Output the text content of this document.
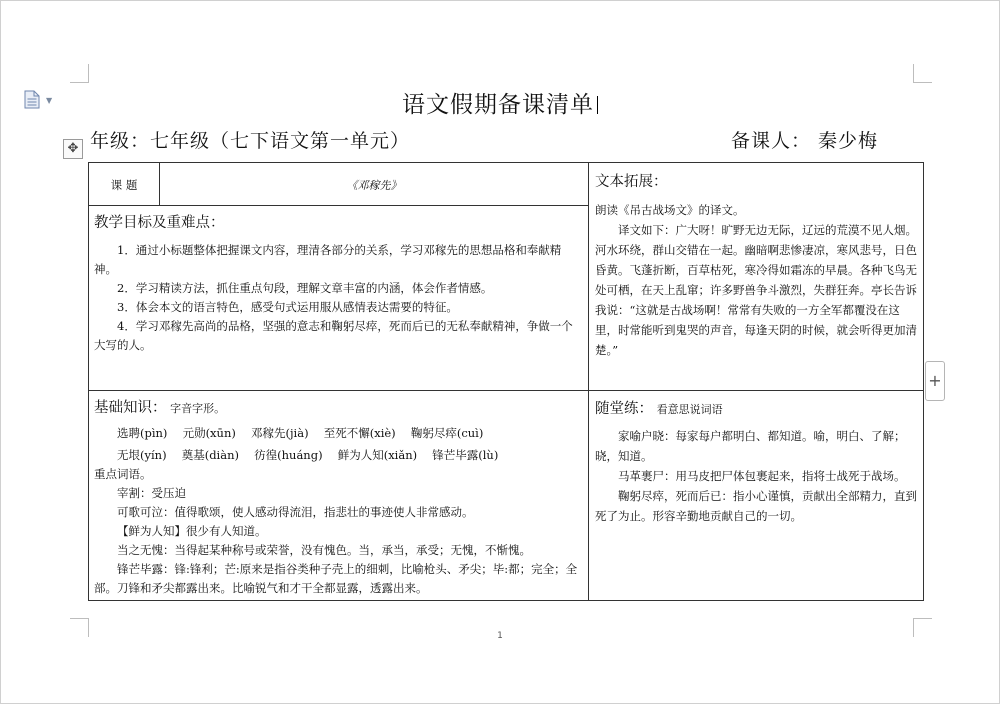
▼	语文假期备课清单
年级：七年级（七下语文第一单元）	备课人： 秦少梅
✥
+
课 题	《邓稼先》
教学目标及重难点：

1．通过小标题整体把握课文内容，理清各部分的关系，学习邓稼先的思想品格和奉献精神。

2．学习精读方法，抓住重点句段，理解文章丰富的内涵，体会作者情感。

3．体会本文的语言特色，感受句式运用服从感情表达需要的特征。

4．学习邓稼先高尚的品格，坚强的意志和鞠躬尽瘁，死而后已的无私奉献精神，争做一个大写的人。

文本拓展：

朗读《吊古战场文》的译文。

译文如下：广大呀！旷野无边无际，辽远的荒漠不见人烟。河水环绕，群山交错在一起。幽暗啊悲惨凄凉，寒风悲号，日色昏黄。飞蓬折断，百草枯死，寒冷得如霜冻的早晨。各种飞鸟无处可栖，在天上乱窜；许多野兽争斗激烈，失群狂奔。亭长告诉我说：“这就是古战场啊！常常有失败的一方全军都覆没在这里，时常能听到鬼哭的声音，每逢天阴的时候，就会听得更加清楚。”

基础知识： 字音字形。

选聘(pìn)　 元勋(xūn)　 邓稼先(jià)　 至死不懈(xiè)　 鞠躬尽瘁(cuì)

无垠(yín)　 奠基(diàn)　 彷徨(huáng)　 鲜为人知(xiǎn)　 锋芒毕露(lù)

重点词语。

宰割：受压迫

可歌可泣：值得歌颂，使人感动得流泪，指悲壮的事迹使人非常感动。

【鲜为人知】很少有人知道。

当之无愧：当得起某种称号或荣誉，没有愧色。当，承当，承受；无愧，不惭愧。

锋芒毕露：锋:锋利；芒:原来是指谷类种子壳上的细刺，比喻枪头、矛尖；毕:都；完全；全部。刀锋和矛尖都露出来。比喻锐气和才干全都显露，透露出来。

随堂练： 看意思说词语

家喻户晓：每家每户都明白、都知道。喻，明白、了解；晓，知道。

马革裹尸：用马皮把尸体包裹起来，指将士战死于战场。

鞠躬尽瘁，死而后已：指小心谨慎，贡献出全部精力，直到死了为止。形容辛勤地贡献自己的一切。

1
